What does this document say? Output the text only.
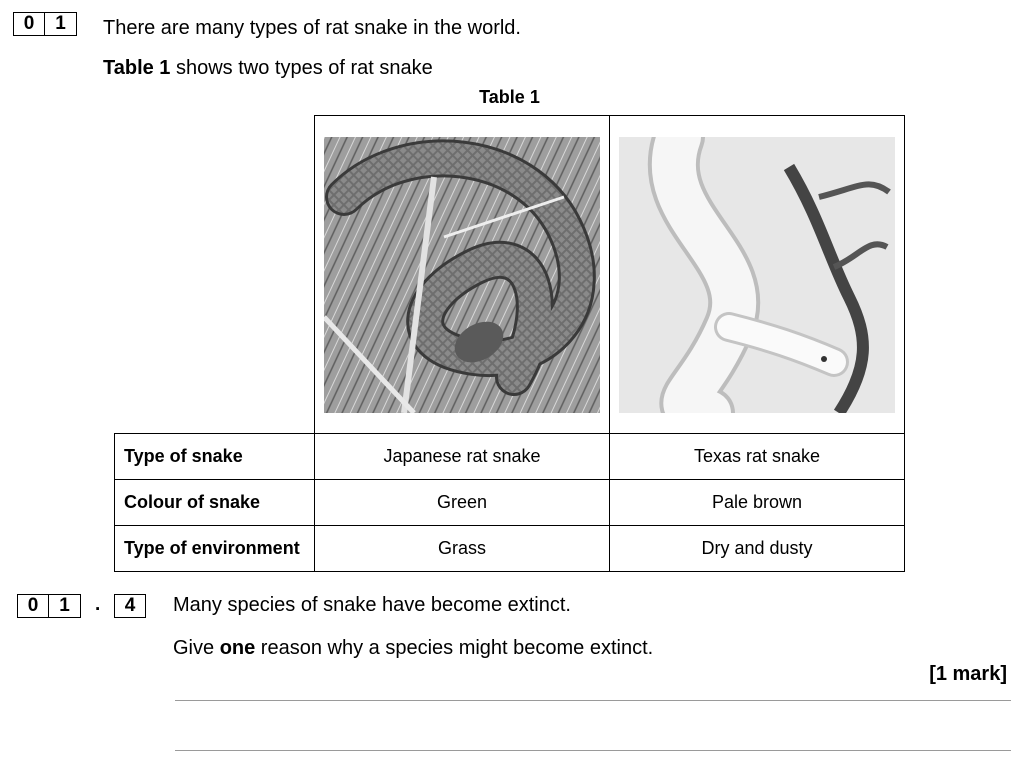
0	1	There are many types of rat snake in the world.
Table 1 shows two types of rat snake
Table 1
Type of snake	Japanese rat snake	Texas rat snake
Colour of snake	Green	Pale brown
Type of environment	Grass	Dry and dusty
0	1	.	4	Many species of snake have become extinct.
Give one reason why a species might become extinct.
[1 mark]
